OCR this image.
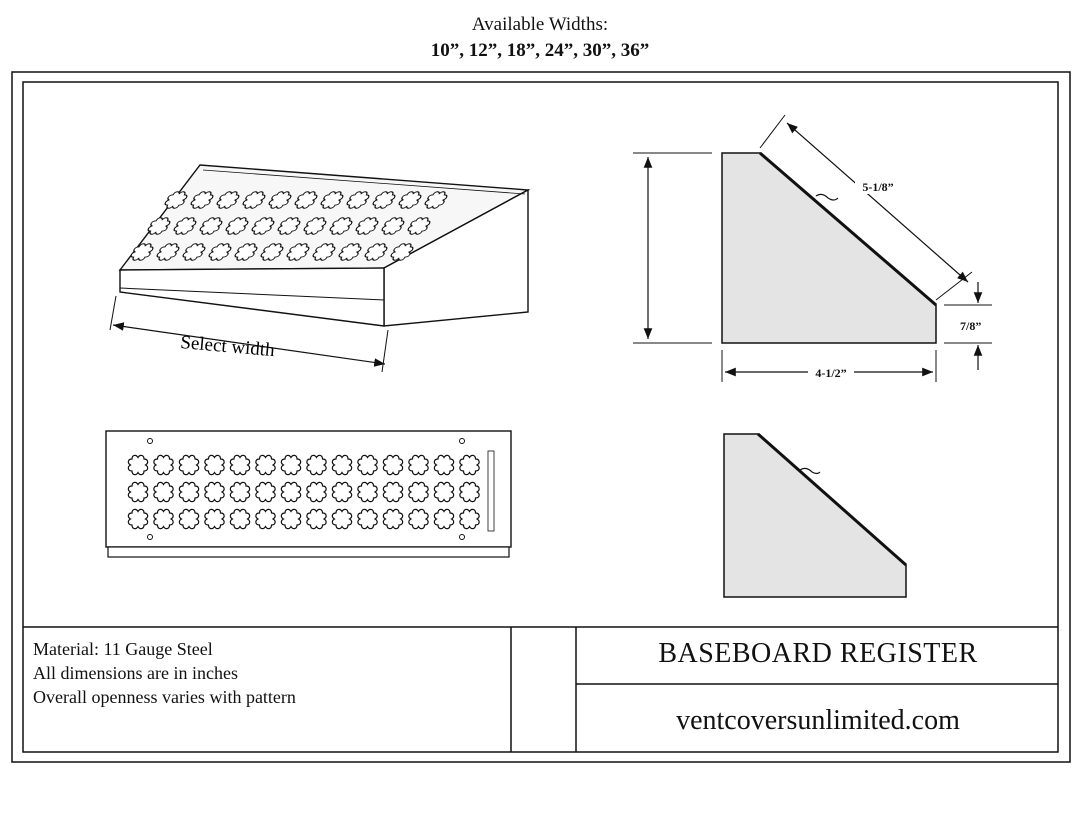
Available Widths:
10”, 12”, 18”, 24”, 30”, 36”
5-1/8”
7/8”
4-1/2”
Select width
Material: 11 Gauge Steel
All dimensions are in inches
Overall openness varies with pattern
BASEBOARD REGISTER
ventcoversunlimited.com
